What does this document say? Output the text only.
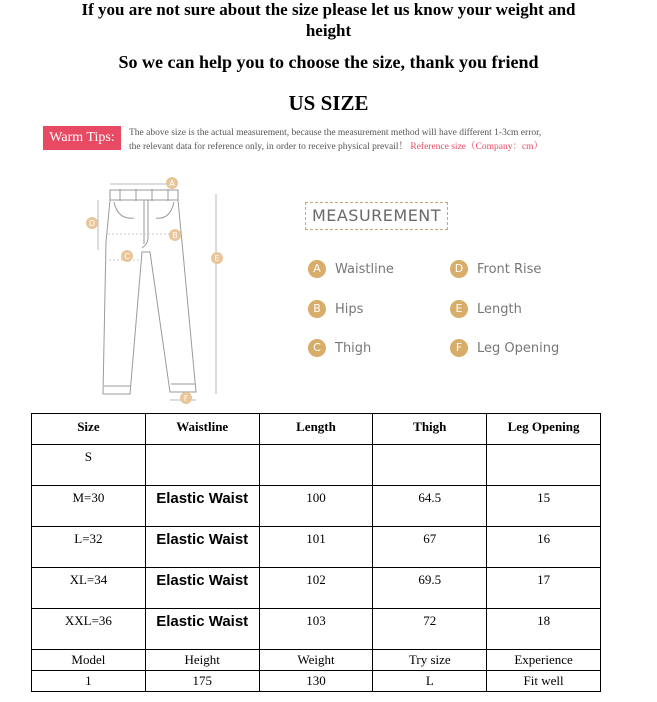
If you are not sure about the size please let us know your weight and
height
So we can help you to choose the size, thank you friend
US SIZE
Warm Tips:	The above size is the actual measurement, because the measurement method will have different 1-3cm error,
the relevant data for reference only, in order to receive physical prevail！ Reference size（Company：cm）
A
B
C
D
E
F
MEASUREMENT
A	Waistline	D	Front Rise
B	Hips	E	Length
C	Thigh	F	Leg Opening
Size	Waistline	Length	Thigh	Leg Opening
S				
M=30	Elastic Waist	100	64.5	15
L=32	Elastic Waist	101	67	16
XL=34	Elastic Waist	102	69.5	17
XXL=36	Elastic Waist	103	72	18
Model	Height	Weight	Try size	Experience
1	175	130	L	Fit well
